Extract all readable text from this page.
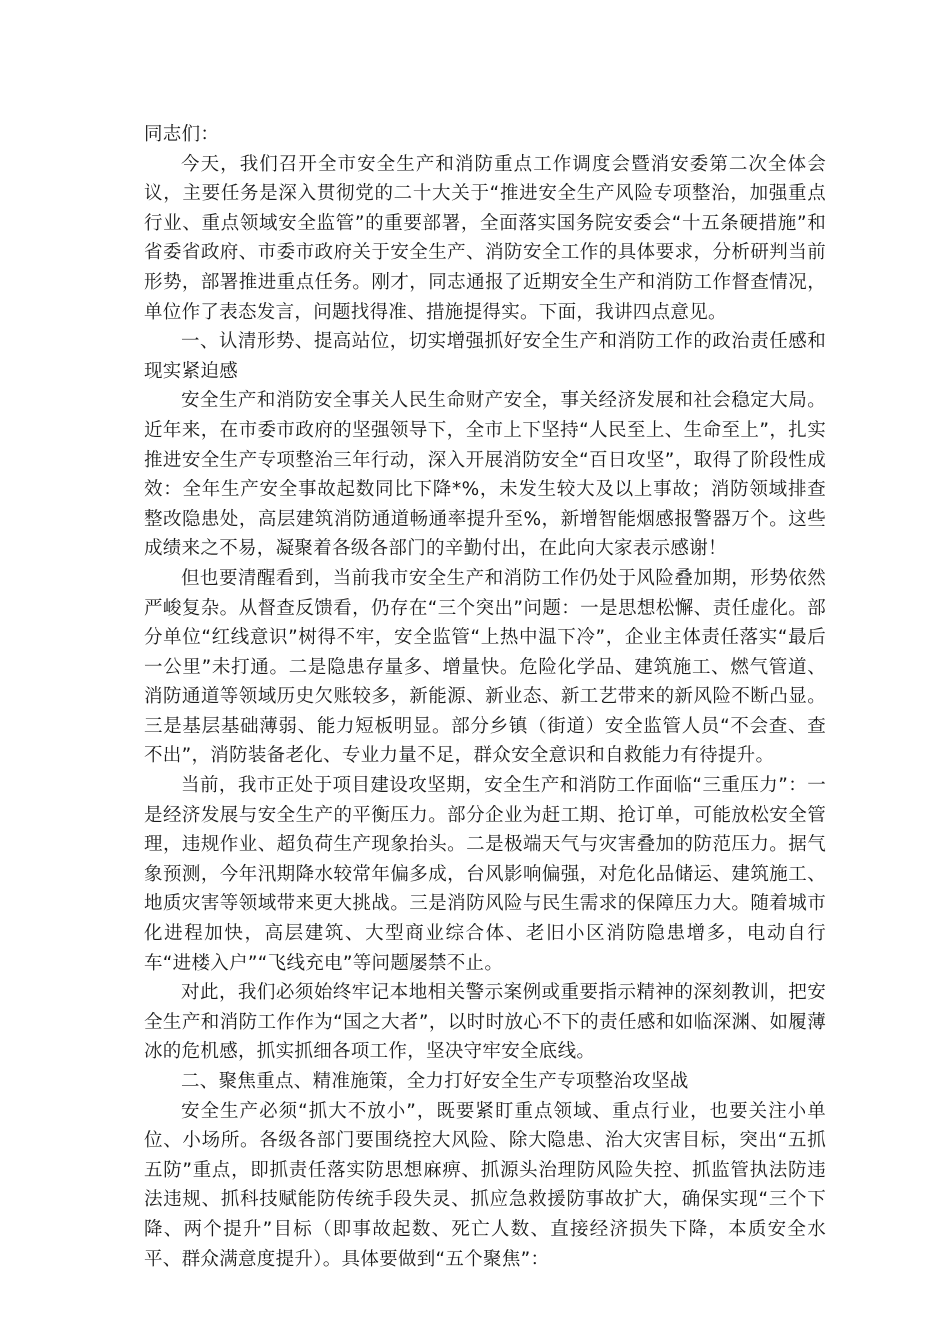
同志们：

今天，我们召开全市安全生产和消防重点工作调度会暨消安委第二次全体会议，主要任务是深入贯彻党的二十大关于“推进安全生产风险专项整治，加强重点行业、重点领域安全监管”的重要部署，全面落实国务院安委会“十五条硬措施”和省委省政府、市委市政府关于安全生产、消防安全工作的具体要求，分析研判当前形势，部署推进重点任务。刚才，同志通报了近期安全生产和消防工作督查情况，单位作了表态发言，问题找得准、措施提得实。下面，我讲四点意见。

一、认清形势、提高站位，切实增强抓好安全生产和消防工作的政治责任感和现实紧迫感

安全生产和消防安全事关人民生命财产安全，事关经济发展和社会稳定大局。近年来，在市委市政府的坚强领导下，全市上下坚持“人民至上、生命至上”，扎实推进安全生产专项整治三年行动，深入开展消防安全“百日攻坚”，取得了阶段性成效：全年生产安全事故起数同比下降*%，未发生较大及以上事故；消防领域排查整改隐患处，高层建筑消防通道畅通率提升至%，新增智能烟感报警器万个。这些成绩来之不易，凝聚着各级各部门的辛勤付出，在此向大家表示感谢！

但也要清醒看到，当前我市安全生产和消防工作仍处于风险叠加期，形势依然严峻复杂。从督查反馈看，仍存在“三个突出”问题：一是思想松懈、责任虚化。部分单位“红线意识”树得不牢，安全监管“上热中温下冷”，企业主体责任落实“最后一公里”未打通。二是隐患存量多、增量快。危险化学品、建筑施工、燃气管道、消防通道等领域历史欠账较多，新能源、新业态、新工艺带来的新风险不断凸显。三是基层基础薄弱、能力短板明显。部分乡镇（街道）安全监管人员“不会查、查不出”，消防装备老化、专业力量不足，群众安全意识和自救能力有待提升。

当前，我市正处于项目建设攻坚期，安全生产和消防工作面临“三重压力”：一是经济发展与安全生产的平衡压力。部分企业为赶工期、抢订单，可能放松安全管理，违规作业、超负荷生产现象抬头。二是极端天气与灾害叠加的防范压力。据气象预测，今年汛期降水较常年偏多成，台风影响偏强，对危化品储运、建筑施工、地质灾害等领域带来更大挑战。三是消防风险与民生需求的保障压力大。随着城市化进程加快，高层建筑、大型商业综合体、老旧小区消防隐患增多，电动自行车“进楼入户”“飞线充电”等问题屡禁不止。

对此，我们必须始终牢记本地相关警示案例或重要指示精神的深刻教训，把安全生产和消防工作作为“国之大者”，以时时放心不下的责任感和如临深渊、如履薄冰的危机感，抓实抓细各项工作，坚决守牢安全底线。

二、聚焦重点、精准施策，全力打好安全生产专项整治攻坚战

安全生产必须“抓大不放小”，既要紧盯重点领域、重点行业，也要关注小单位、小场所。各级各部门要围绕控大风险、除大隐患、治大灾害目标，突出“五抓五防”重点，即抓责任落实防思想麻痹、抓源头治理防风险失控、抓监管执法防违法违规、抓科技赋能防传统手段失灵、抓应急救援防事故扩大，确保实现“三个下降、两个提升”目标（即事故起数、死亡人数、直接经济损失下降，本质安全水平、群众满意度提升）。具体要做到“五个聚焦”：
